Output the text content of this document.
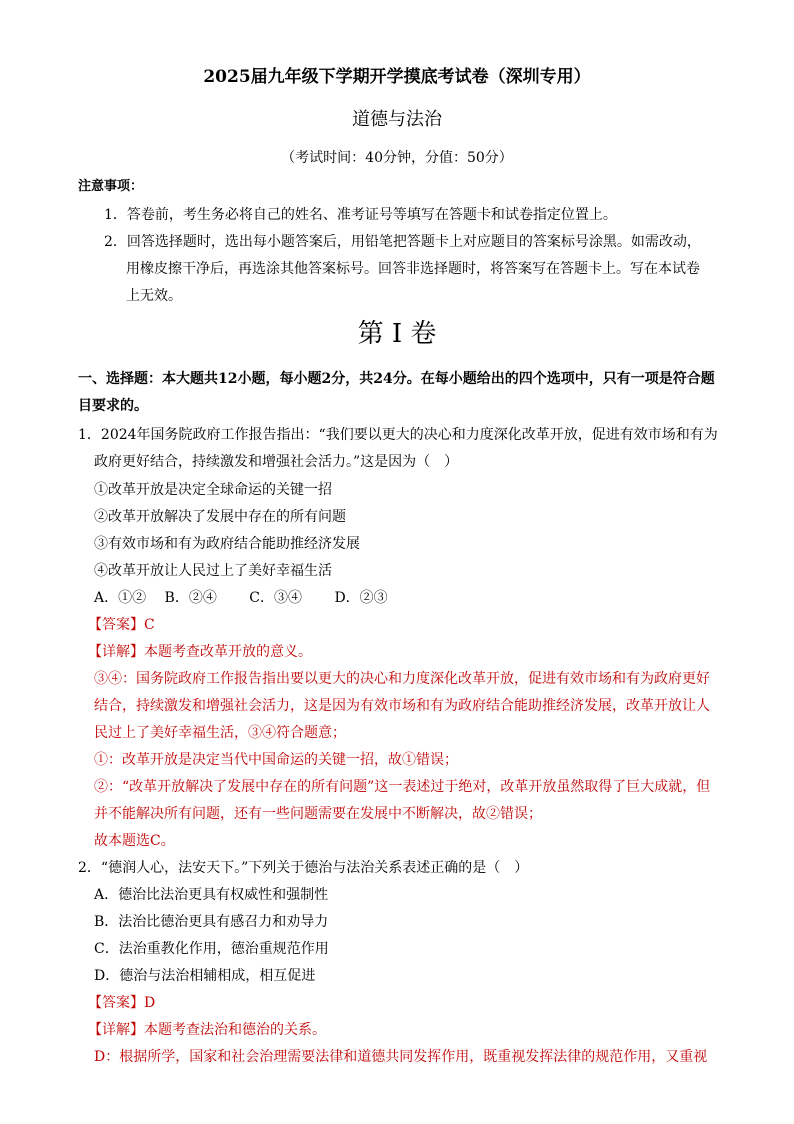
2025届九年级下学期开学摸底考试卷（深圳专用）
道德与法治
（考试时间：40分钟，分值：50分）
注意事项：
1．答卷前，考生务必将自己的姓名、准考证号等填写在答题卡和试卷指定位置上。
2．回答选择题时，选出每小题答案后，用铅笔把答题卡上对应题目的答案标号涂黑。如需改动，
用橡皮擦干净后，再选涂其他答案标号。回答非选择题时，将答案写在答题卡上。写在本试卷
上无效。
第 I 卷
一、选择题：本大题共12小题，每小题2分，共24分。在每小题给出的四个选项中，只有一项是符合题
目要求的。
1．2024年国务院政府工作报告指出：“我们要以更大的决心和力度深化改革开放，促进有效市场和有为
政府更好结合，持续激发和增强社会活力。”这是因为（　）
①改革开放是决定全球命运的关键一招
②改革开放解决了发展中存在的所有问题
③有效市场和有为政府结合能助推经济发展
④改革开放让人民过上了美好幸福生活
A．①②　 B．②④　　 C．③④　　 D．②③
【答案】C
【详解】本题考查改革开放的意义。
③④：国务院政府工作报告指出要以更大的决心和力度深化改革开放，促进有效市场和有为政府更好
结合，持续激发和增强社会活力，这是因为有效市场和有为政府结合能助推经济发展，改革开放让人
民过上了美好幸福生活，③④符合题意；
①：改革开放是决定当代中国命运的关键一招，故①错误；
②：“改革开放解决了发展中存在的所有问题”这一表述过于绝对，改革开放虽然取得了巨大成就，但
并不能解决所有问题，还有一些问题需要在发展中不断解决，故②错误；
故本题选C。
2．“德润人心，法安天下。”下列关于德治与法治关系表述正确的是（　）
A．德治比法治更具有权威性和强制性
B．法治比德治更具有感召力和劝导力
C．法治重教化作用，德治重规范作用
D．德治与法治相辅相成，相互促进
【答案】D
【详解】本题考查法治和德治的关系。
D：根据所学，国家和社会治理需要法律和道德共同发挥作用，既重视发挥法律的规范作用，又重视
